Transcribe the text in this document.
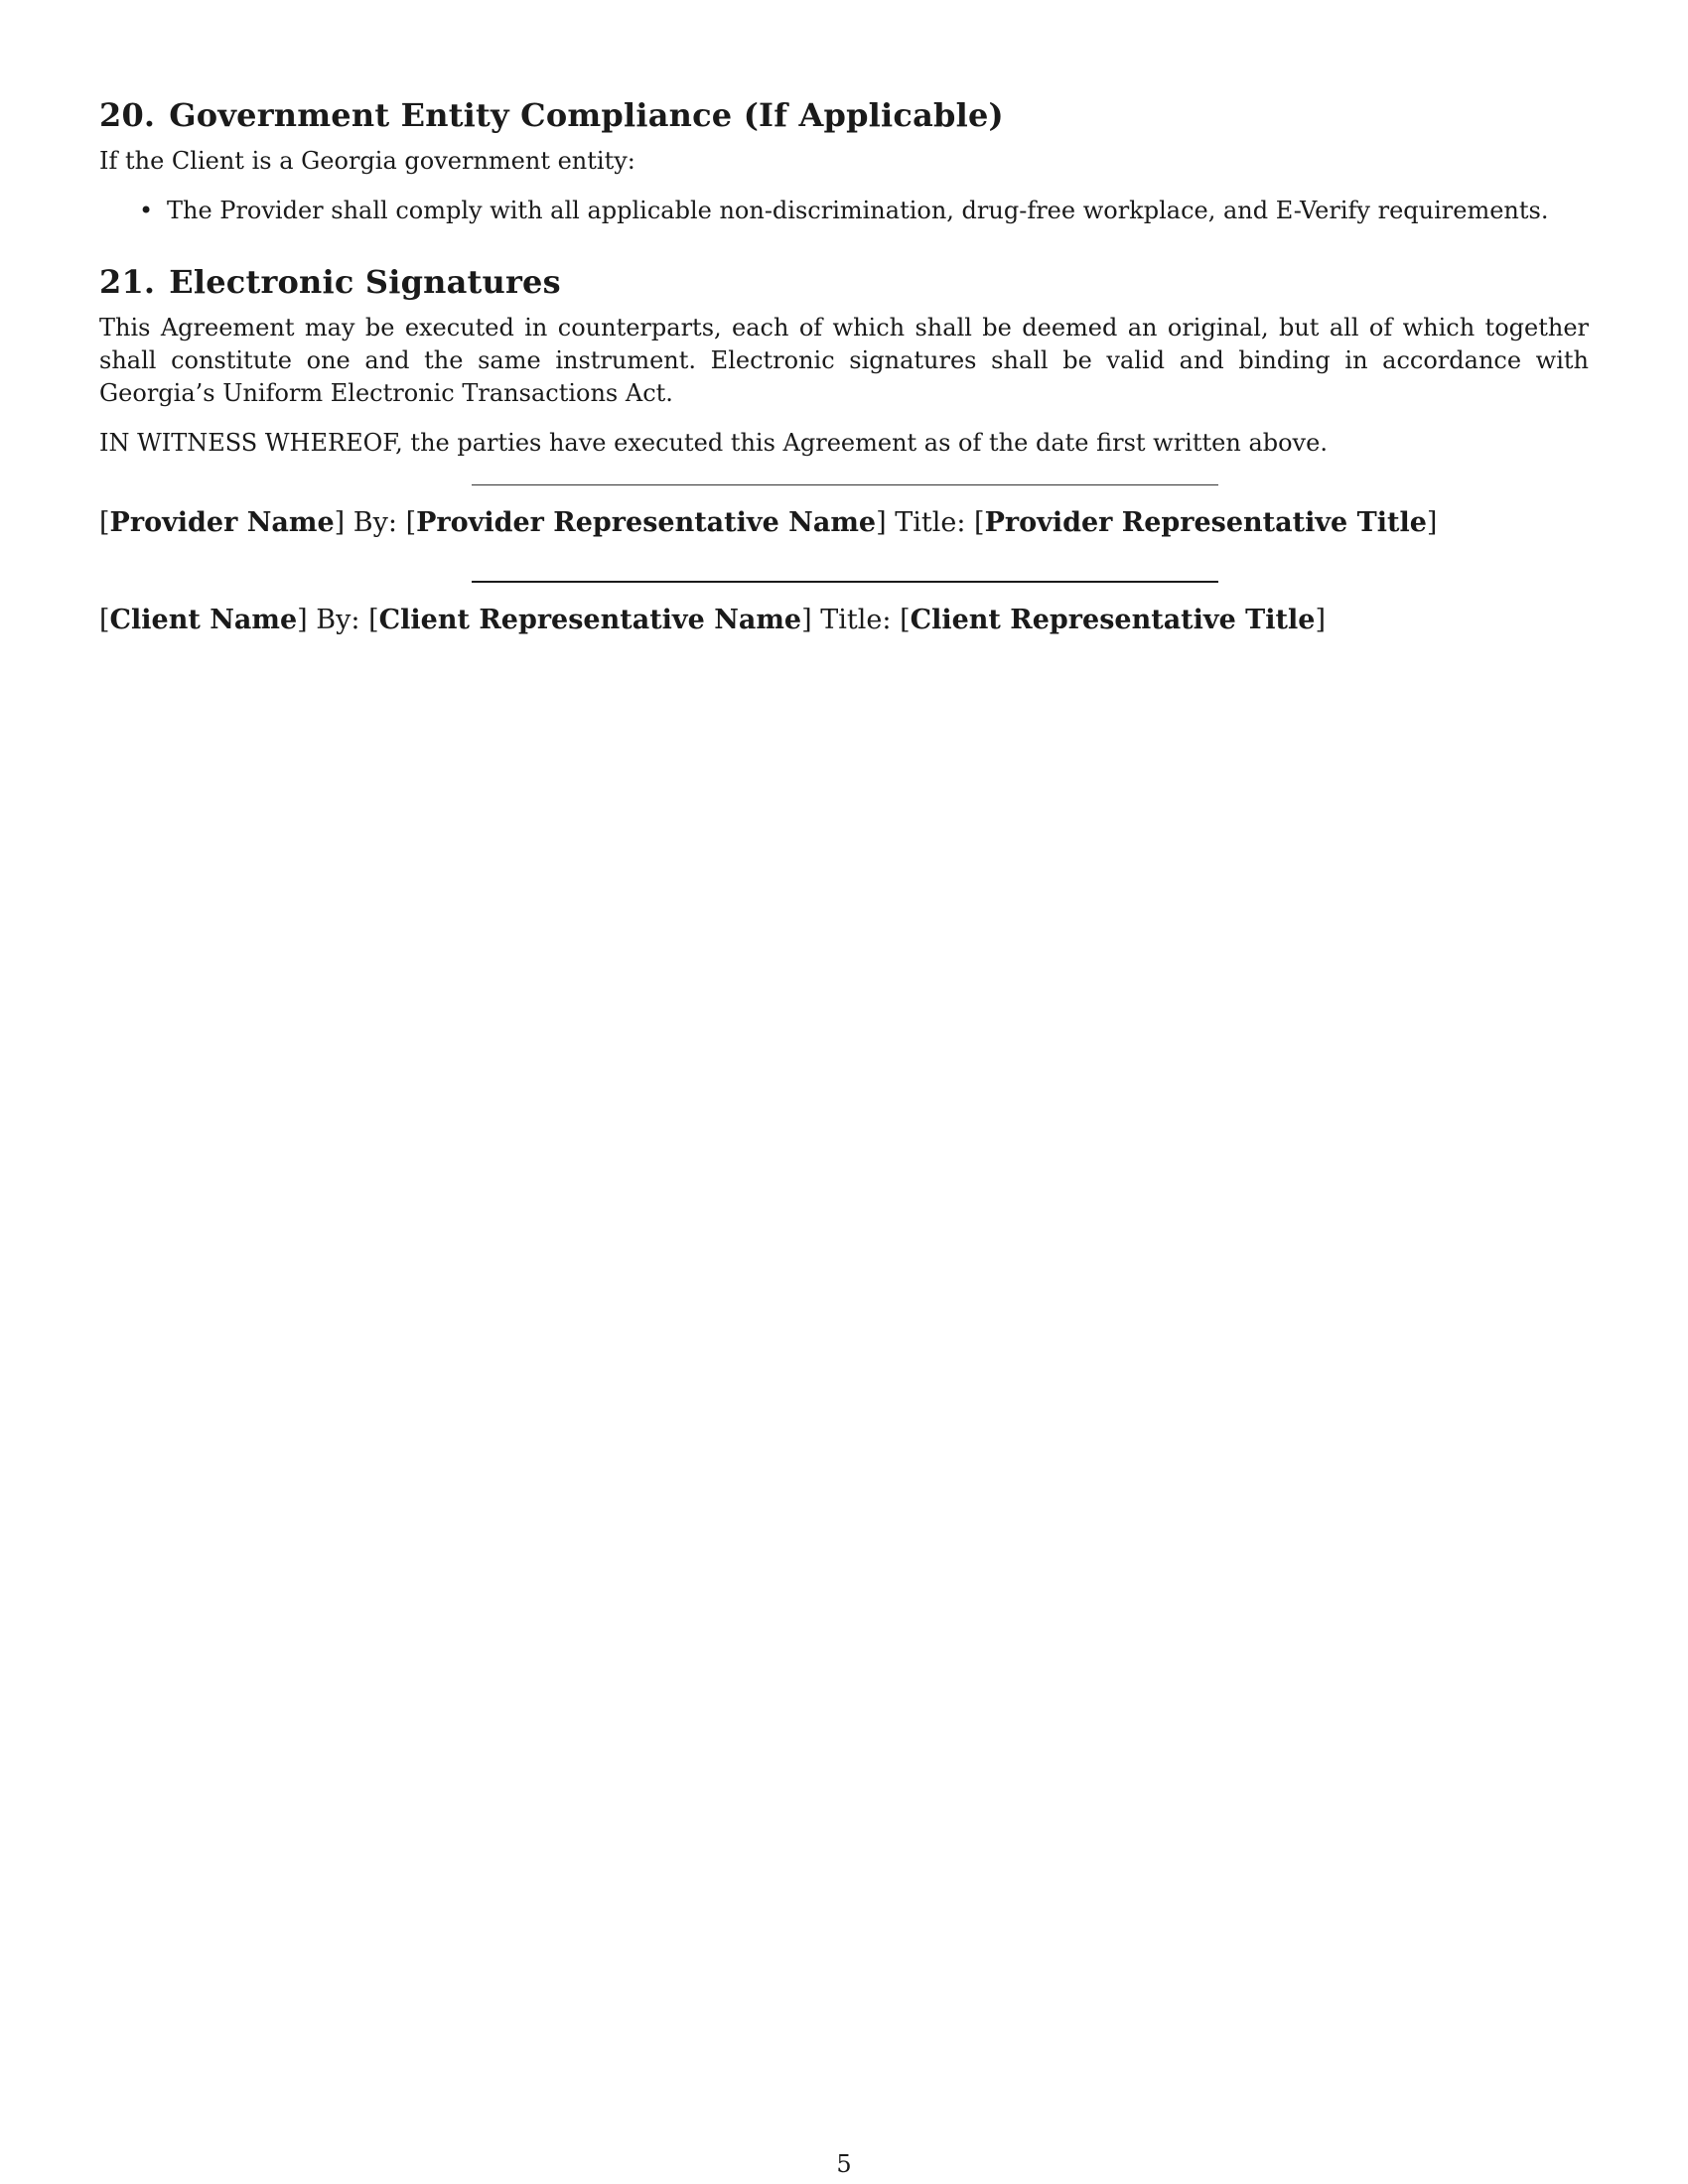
20. Government Entity Compliance (If Applicable)

If the Client is a Georgia government entity:

• The Provider shall comply with all applicable non-discrimination, drug-free workplace, and E-Verify requirements.
21. Electronic Signatures

This Agreement may be executed in counterparts, each of which shall be deemed an original, but all of which together shall constitute one and the same instrument. Electronic signatures shall be valid and binding in accordance with Georgia’s Uniform Electronic Transactions Act.

IN WITNESS WHEREOF, the parties have executed this Agreement as of the date first written above.

[Provider Name] By: [Provider Representative Name] Title: [Provider Representative Title]
[Client Name] By: [Client Representative Name] Title: [Client Representative Title]
5
